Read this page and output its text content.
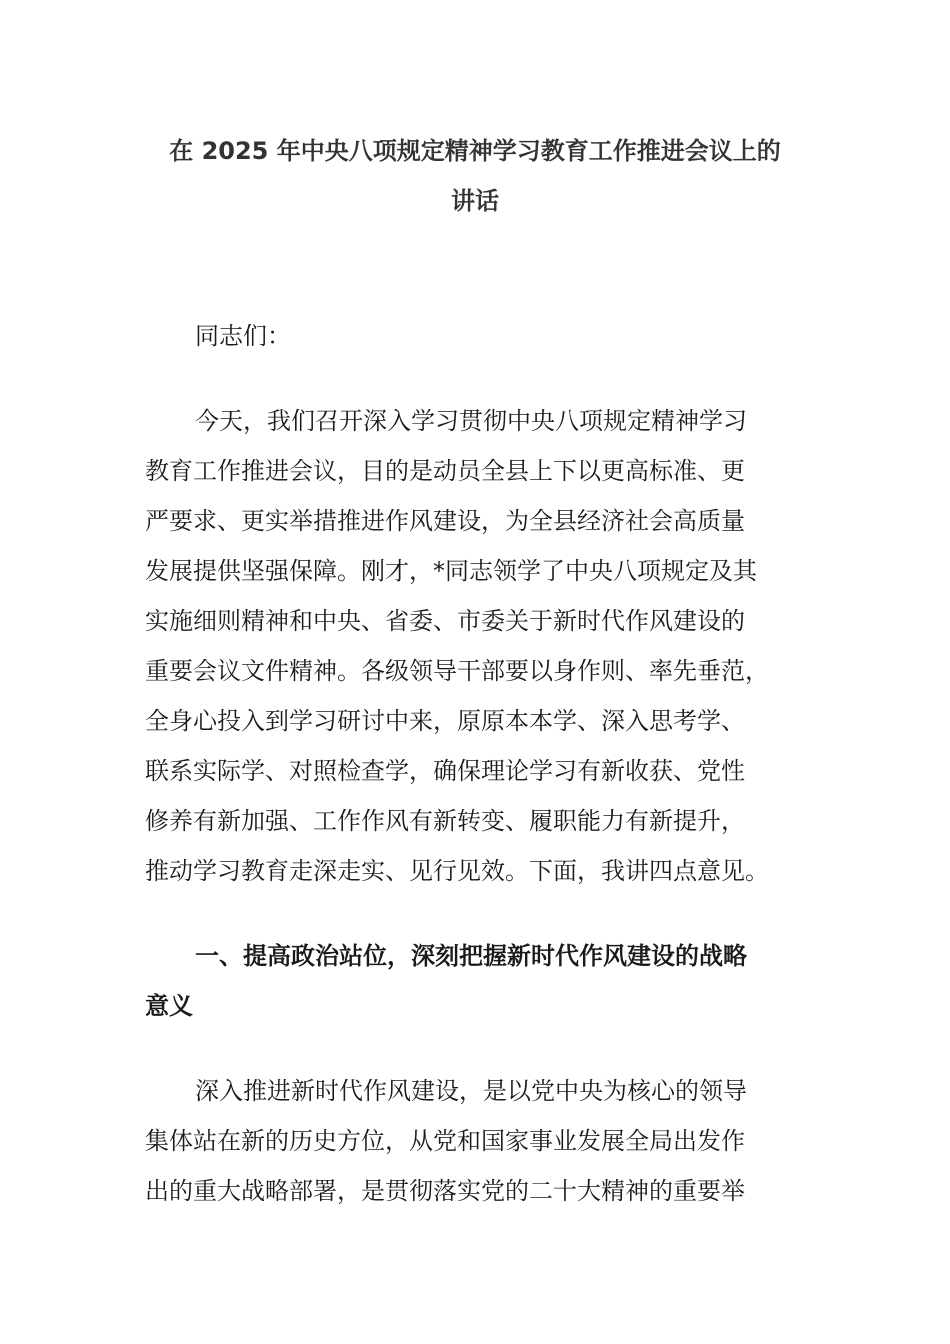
在 2025 年中央八项规定精神学习教育工作推进会议上的
讲话
同志们：
今天，我们召开深入学习贯彻中央八项规定精神学习
教育工作推进会议，目的是动员全县上下以更高标准、更
严要求、更实举措推进作风建设，为全县经济社会高质量
发展提供坚强保障。刚才，*同志领学了中央八项规定及其
实施细则精神和中央、省委、市委关于新时代作风建设的
重要会议文件精神。各级领导干部要以身作则、率先垂范，
全身心投入到学习研讨中来，原原本本学、深入思考学、
联系实际学、对照检查学，确保理论学习有新收获、党性
修养有新加强、工作作风有新转变、履职能力有新提升，
推动学习教育走深走实、见行见效。下面，我讲四点意见。
一、提高政治站位，深刻把握新时代作风建设的战略
意义
深入推进新时代作风建设，是以党中央为核心的领导
集体站在新的历史方位，从党和国家事业发展全局出发作
出的重大战略部署，是贯彻落实党的二十大精神的重要举
